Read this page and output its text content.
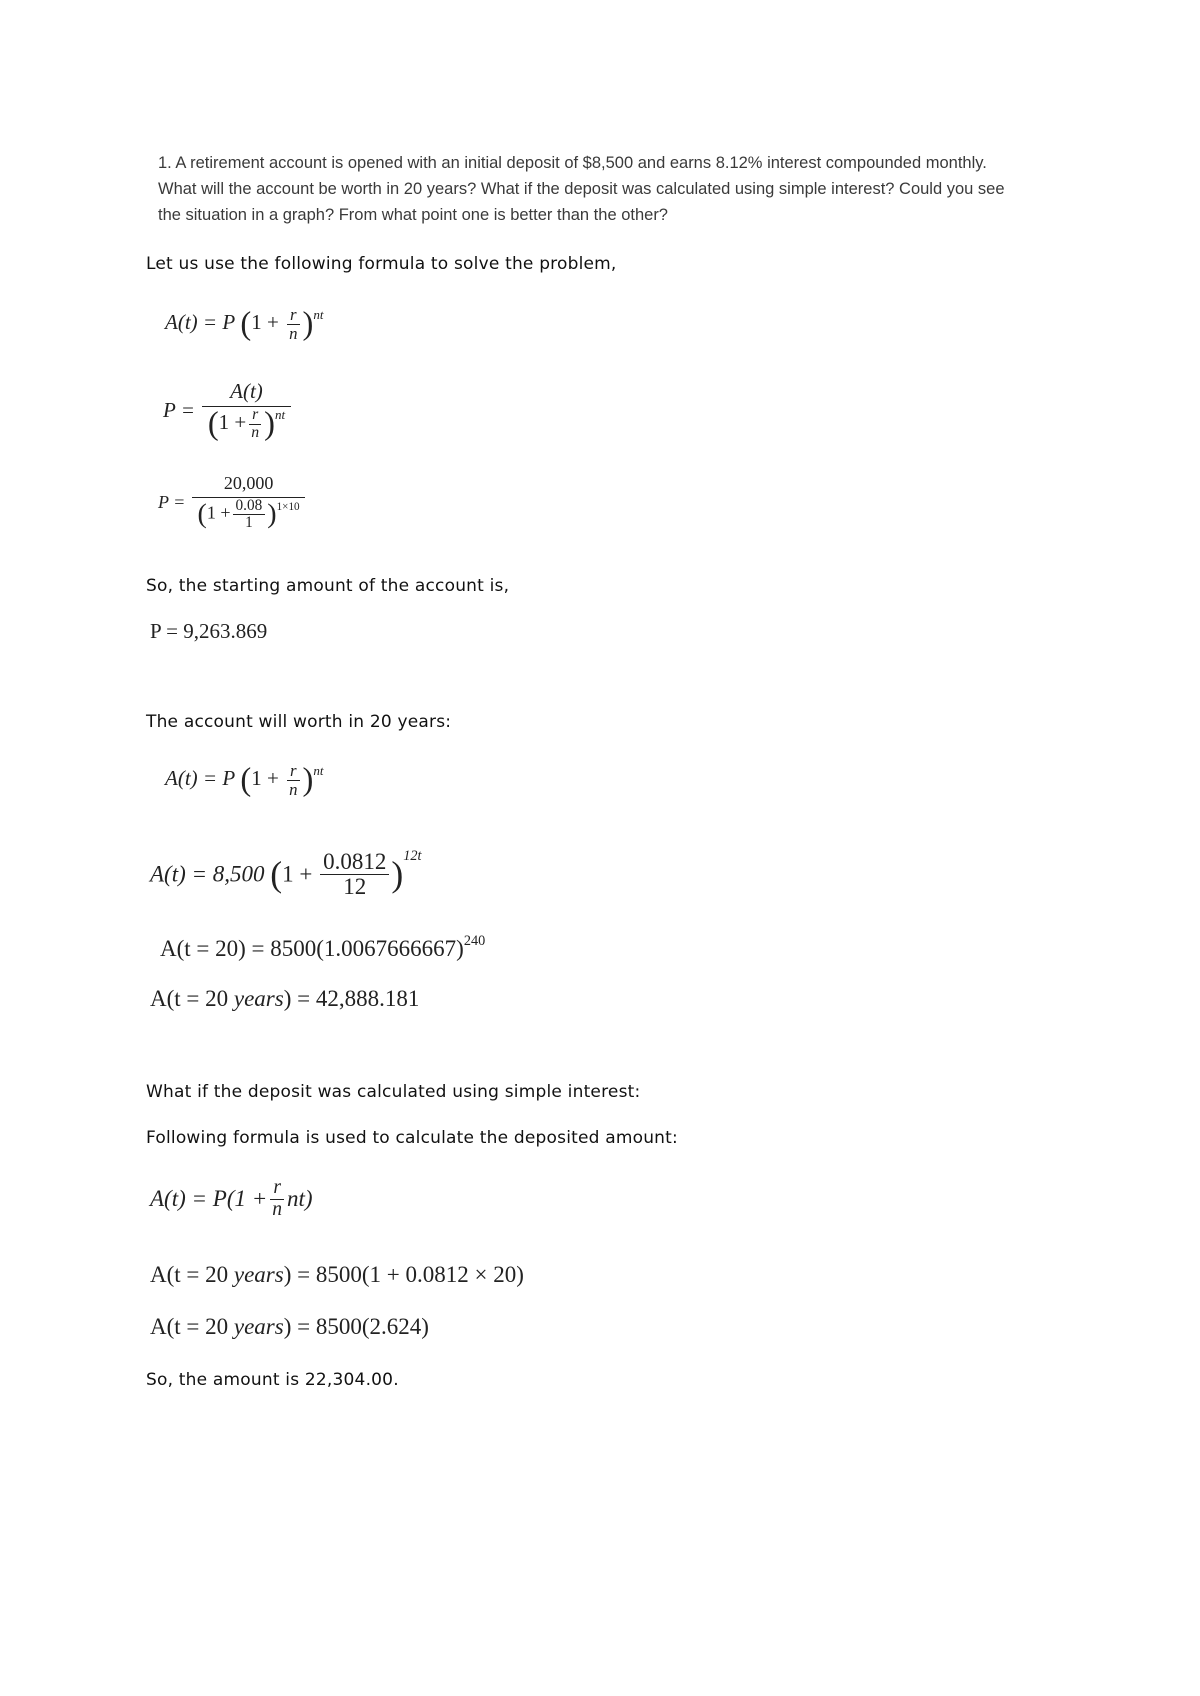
1. A retirement account is opened with an initial deposit of $8,500 and earns 8.12% interest compounded monthly.
What will the account be worth in 20 years? What if the deposit was calculated using simple interest? Could you see
the situation in a graph? From what point one is better than the other?
Let us use the following formula to solve the problem,
A(t) = P $(1 + \frac{r}{n} )^{nt}$
$P = \frac{A(t)}{(1 + \frac{r}{n} )^{nt}}$
$P = \frac{20,000}{(1 + \frac{0.08}{1} )^{1\times 10}}$
So, the starting amount of the account is,
P = 9,263.869
The account will worth in 20 years:
A(t) = P $(1 + \frac{r}{n} )^{nt}$
A(t) = 8,500 $(1 + \frac{0.0812}{12} )^{12t}$
$A(t = 20) = 8500(1.0067666667)^{240}$
A(t = 20 years) = 42,888.181
What if the deposit was calculated using simple interest:
Following formula is used to calculate the deposited amount:
$A(t) = P(1 + \frac{r}{n} nt)$
A(t = 20 years) = 8500(1 + 0.0812 × 20)
A(t = 20 years) = 8500(2.624)
So, the amount is 22,304.00.
